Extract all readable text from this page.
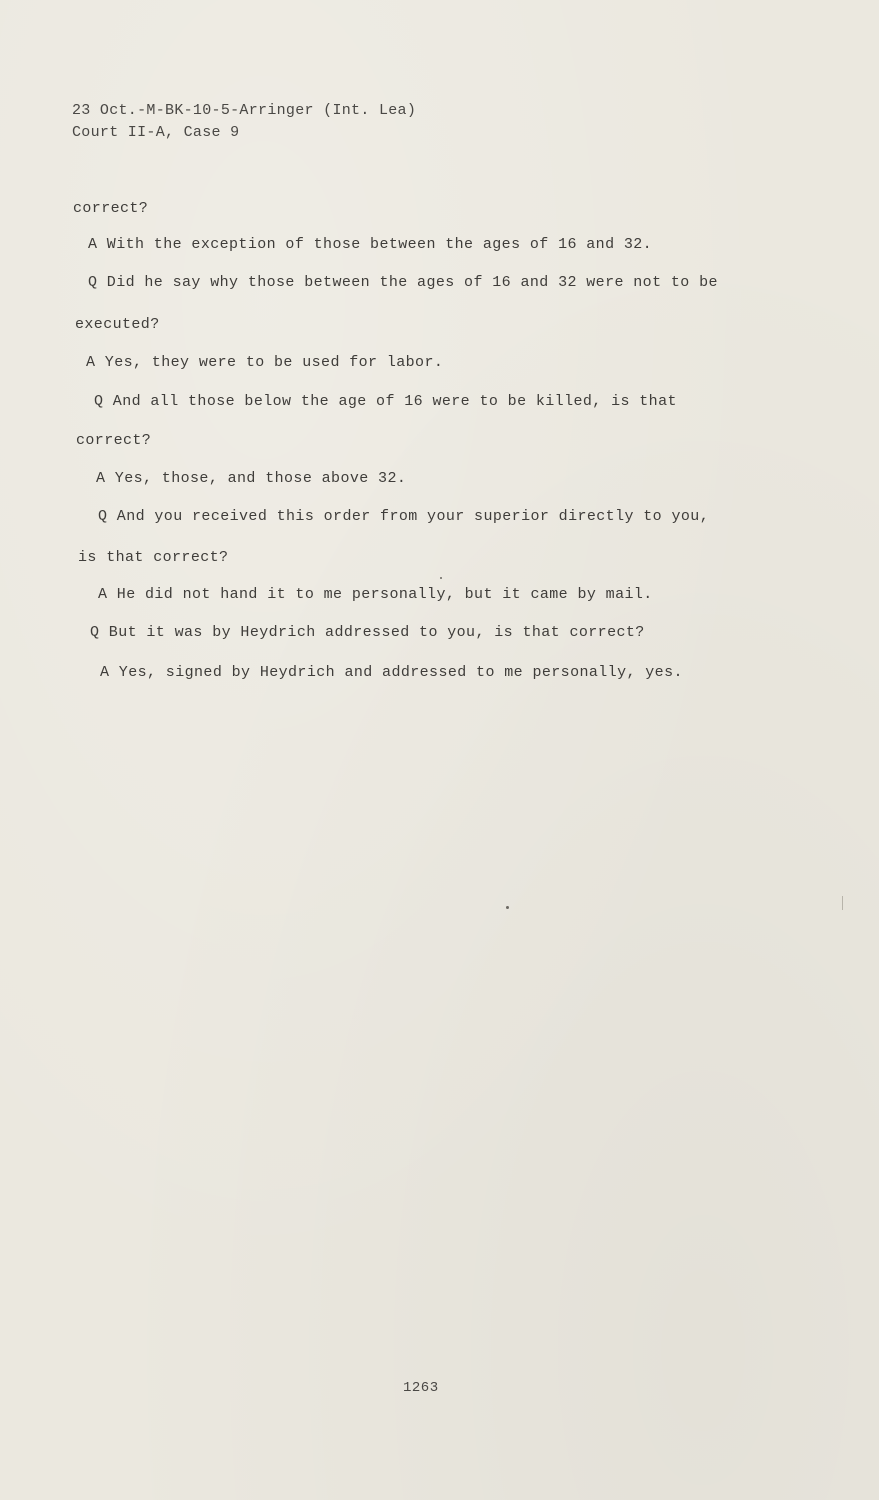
23 Oct.-M-BK-10-5-Arringer (Int. Lea)
Court II-A, Case 9
correct?
A With the exception of those between the ages of 16 and 32.
Q Did he say why those between the ages of 16 and 32 were not to be
executed?
A Yes, they were to be used for labor.
Q And all those below the age of 16 were to be killed, is that
correct?
A Yes, those, and those above 32.
Q And you received this order from your superior directly to you,
is that correct?
A He did not hand it to me personally, but it came by mail.
Q But it was by Heydrich addressed to you, is that correct?
A Yes, signed by Heydrich and addressed to me personally, yes.
1263
